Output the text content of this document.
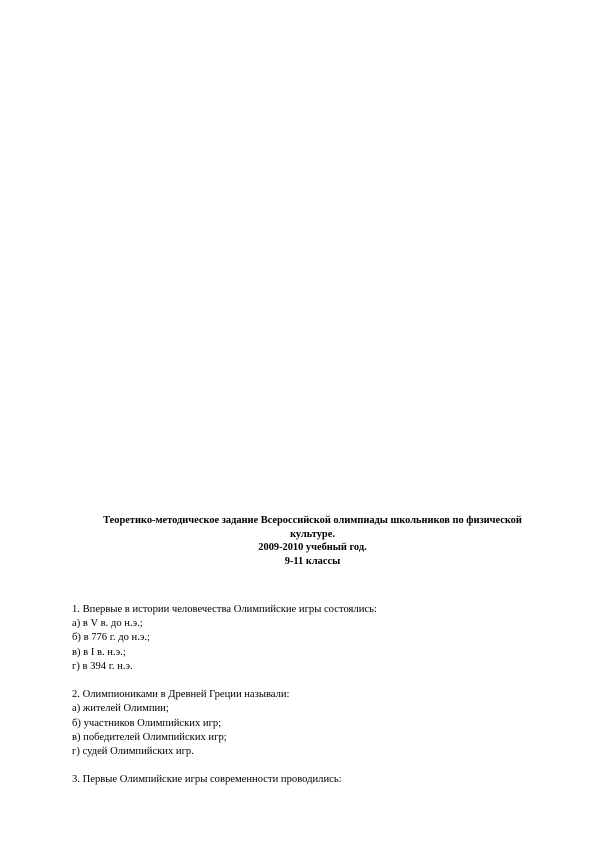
Теоретико-методическое задание Всероссийской олимпиады школьников по физической
культуре.
2009-2010 учебный год.
9-11 классы

1. Впервые в истории человечества Олимпийские игры состоялись:

а) в V в. до н.э.;

б) в 776 г. до н.э.;

в) в I в. н.э.;

г) в 394 г. н.э.

2. Олимпиониками в Древней Греции называли:

а) жителей Олимпии;

б) участников Олимпийских игр;

в) победителей Олимпийских игр;

г) судей Олимпийских игр.

3. Первые Олимпийские игры современности проводились:
